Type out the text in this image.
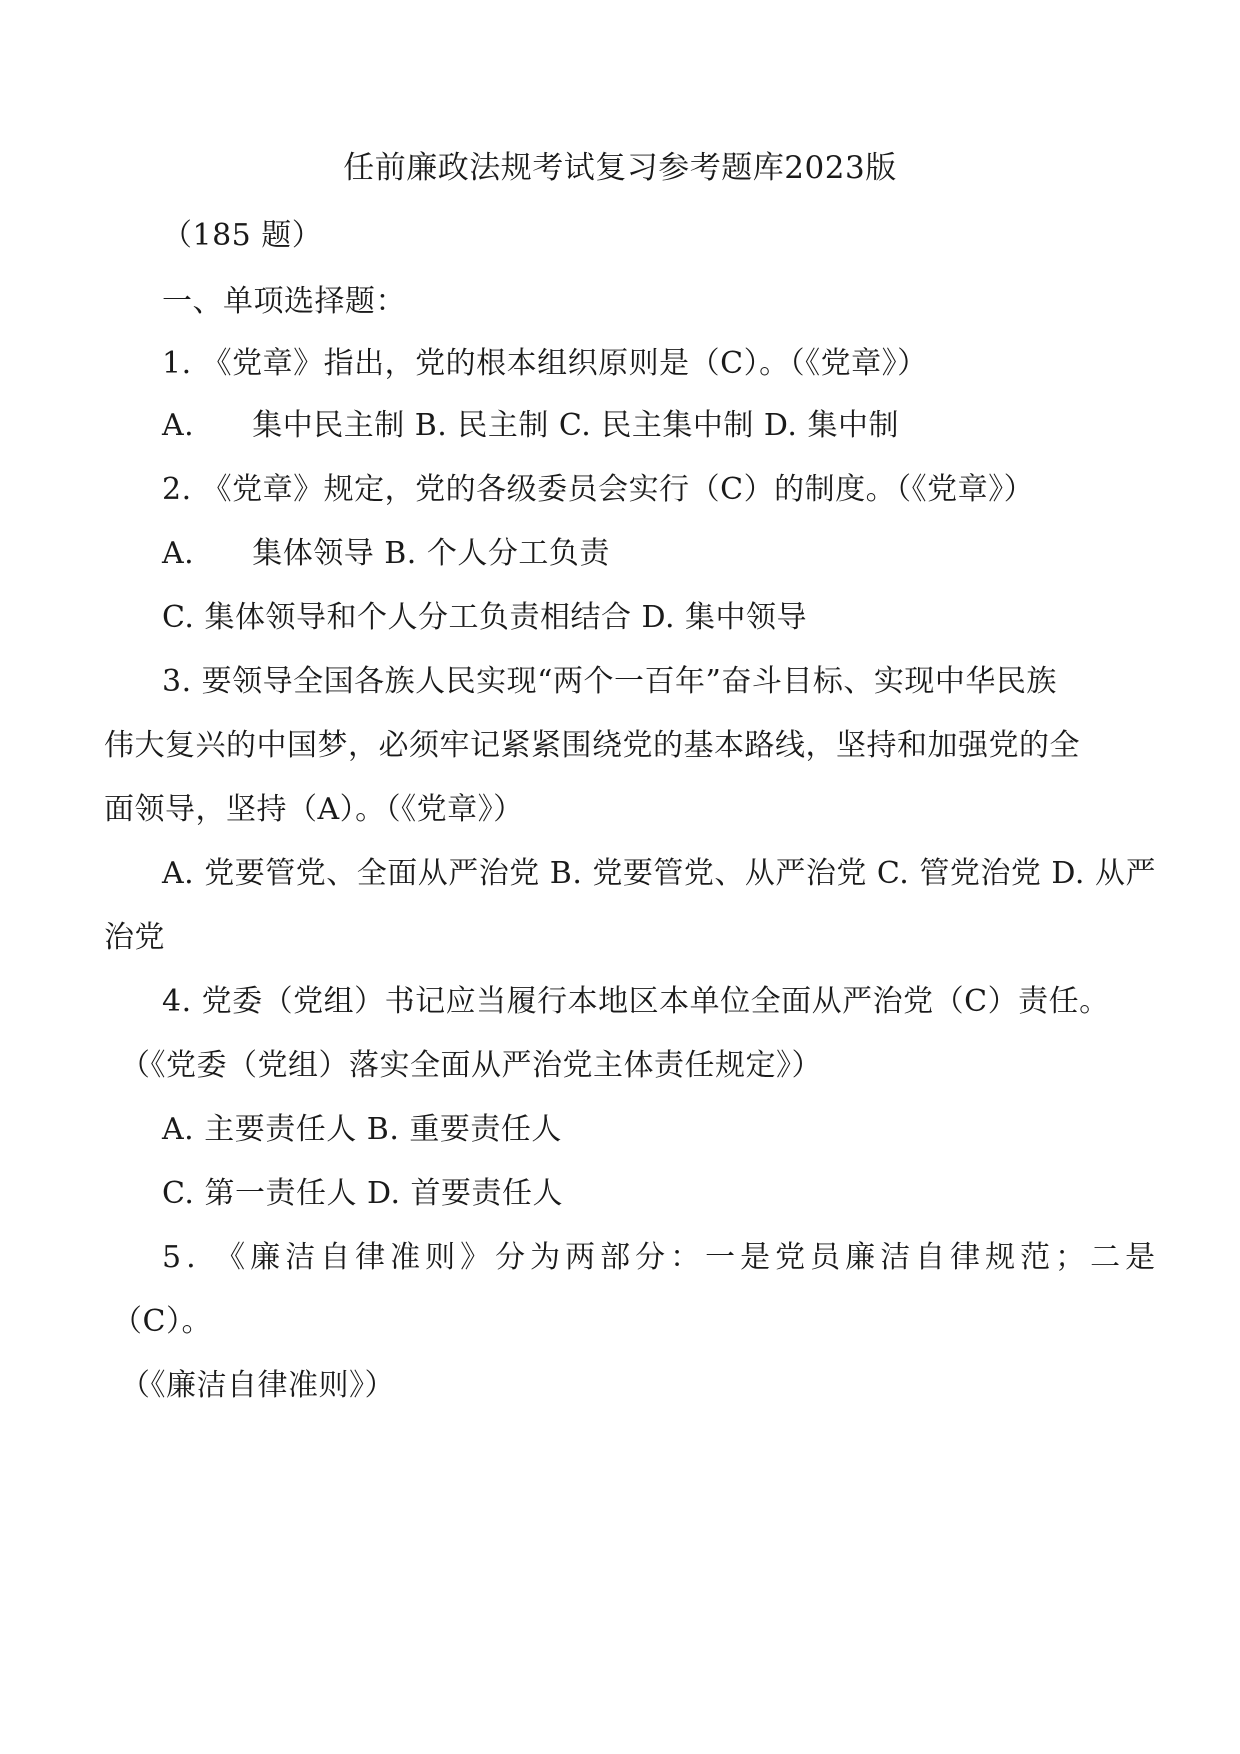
任前廉政法规考试复习参考题库2023版
（185 题）
一、单项选择题：
1. 《党章》指出，党的根本组织原则是（C）。（《党章》）
A. 集中民主制 B. 民主制 C. 民主集中制 D. 集中制
2. 《党章》规定，党的各级委员会实行（C）的制度。（《党章》）
A. 集体领导 B. 个人分工负责
C. 集体领导和个人分工负责相结合 D. 集中领导
3. 要领导全国各族人民实现“两个一百年”奋斗目标、实现中华民族
伟大复兴的中国梦，必须牢记紧紧围绕党的基本路线，坚持和加强党的全
面领导，坚持（A）。（《党章》）
A. 党要管党、全面从严治党 B. 党要管党、从严治党 C. 管党治党 D. 从严
治党
4. 党委（党组）书记应当履行本地区本单位全面从严治党（C）责任。
（《党委（党组）落实全面从严治党主体责任规定》）
A. 主要责任人 B. 重要责任人
C. 第一责任人 D. 首要责任人
5. 《廉洁自律准则》分为两部分：一是党员廉洁自律规范；二是
（C）。
（《廉洁自律准则》）
